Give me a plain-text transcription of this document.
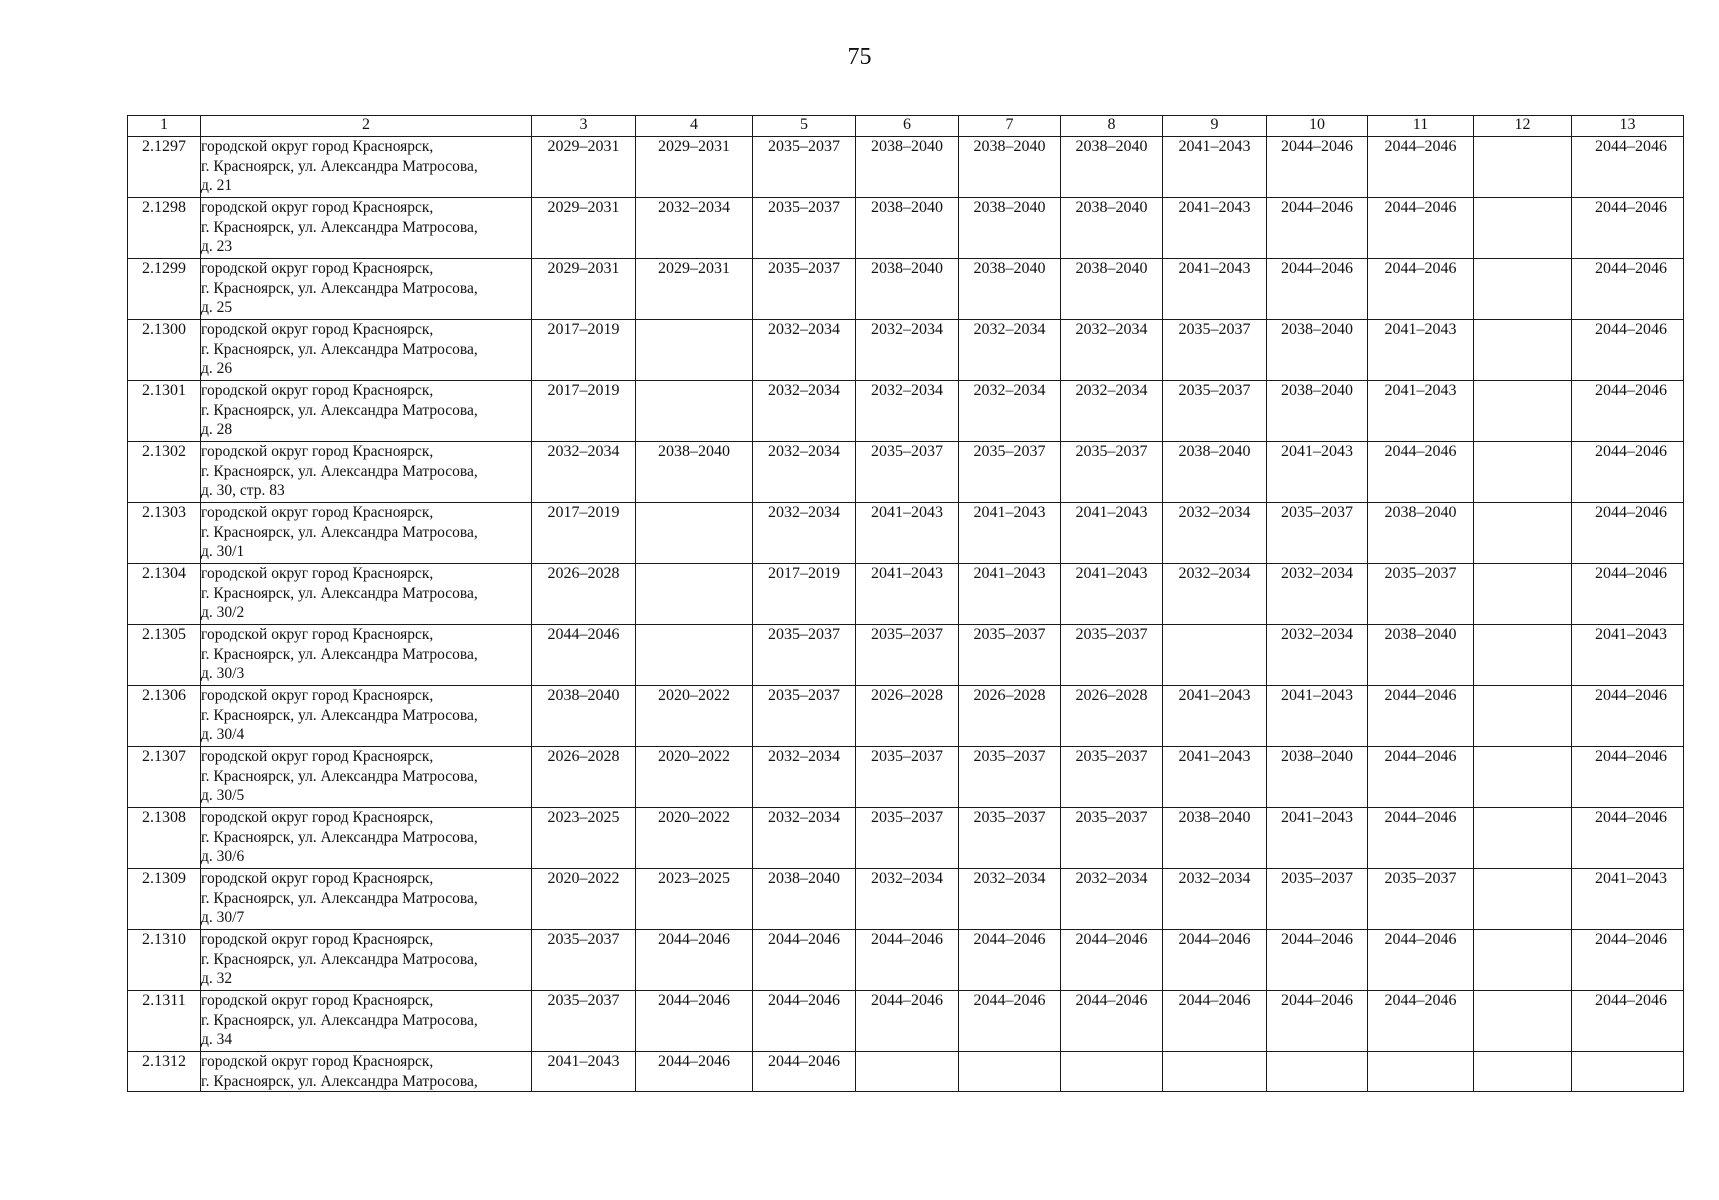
75
1	2	3	4	5	6	7	8	9	10	11	12	13
2.1297	городской округ город Красноярск,
г. Красноярск, ул. Александра Матросова,
д. 21	2029–2031	2029–2031	2035–2037	2038–2040	2038–2040	2038–2040	2041–2043	2044–2046	2044–2046		2044–2046
2.1298	городской округ город Красноярск,
г. Красноярск, ул. Александра Матросова,
д. 23	2029–2031	2032–2034	2035–2037	2038–2040	2038–2040	2038–2040	2041–2043	2044–2046	2044–2046		2044–2046
2.1299	городской округ город Красноярск,
г. Красноярск, ул. Александра Матросова,
д. 25	2029–2031	2029–2031	2035–2037	2038–2040	2038–2040	2038–2040	2041–2043	2044–2046	2044–2046		2044–2046
2.1300	городской округ город Красноярск,
г. Красноярск, ул. Александра Матросова,
д. 26	2017–2019		2032–2034	2032–2034	2032–2034	2032–2034	2035–2037	2038–2040	2041–2043		2044–2046
2.1301	городской округ город Красноярск,
г. Красноярск, ул. Александра Матросова,
д. 28	2017–2019		2032–2034	2032–2034	2032–2034	2032–2034	2035–2037	2038–2040	2041–2043		2044–2046
2.1302	городской округ город Красноярск,
г. Красноярск, ул. Александра Матросова,
д. 30, стр. 83	2032–2034	2038–2040	2032–2034	2035–2037	2035–2037	2035–2037	2038–2040	2041–2043	2044–2046		2044–2046
2.1303	городской округ город Красноярск,
г. Красноярск, ул. Александра Матросова,
д. 30/1	2017–2019		2032–2034	2041–2043	2041–2043	2041–2043	2032–2034	2035–2037	2038–2040		2044–2046
2.1304	городской округ город Красноярск,
г. Красноярск, ул. Александра Матросова,
д. 30/2	2026–2028		2017–2019	2041–2043	2041–2043	2041–2043	2032–2034	2032–2034	2035–2037		2044–2046
2.1305	городской округ город Красноярск,
г. Красноярск, ул. Александра Матросова,
д. 30/3	2044–2046		2035–2037	2035–2037	2035–2037	2035–2037		2032–2034	2038–2040		2041–2043
2.1306	городской округ город Красноярск,
г. Красноярск, ул. Александра Матросова,
д. 30/4	2038–2040	2020–2022	2035–2037	2026–2028	2026–2028	2026–2028	2041–2043	2041–2043	2044–2046		2044–2046
2.1307	городской округ город Красноярск,
г. Красноярск, ул. Александра Матросова,
д. 30/5	2026–2028	2020–2022	2032–2034	2035–2037	2035–2037	2035–2037	2041–2043	2038–2040	2044–2046		2044–2046
2.1308	городской округ город Красноярск,
г. Красноярск, ул. Александра Матросова,
д. 30/6	2023–2025	2020–2022	2032–2034	2035–2037	2035–2037	2035–2037	2038–2040	2041–2043	2044–2046		2044–2046
2.1309	городской округ город Красноярск,
г. Красноярск, ул. Александра Матросова,
д. 30/7	2020–2022	2023–2025	2038–2040	2032–2034	2032–2034	2032–2034	2032–2034	2035–2037	2035–2037		2041–2043
2.1310	городской округ город Красноярск,
г. Красноярск, ул. Александра Матросова,
д. 32	2035–2037	2044–2046	2044–2046	2044–2046	2044–2046	2044–2046	2044–2046	2044–2046	2044–2046		2044–2046
2.1311	городской округ город Красноярск,
г. Красноярск, ул. Александра Матросова,
д. 34	2035–2037	2044–2046	2044–2046	2044–2046	2044–2046	2044–2046	2044–2046	2044–2046	2044–2046		2044–2046
2.1312	городской округ город Красноярск,
г. Красноярск, ул. Александра Матросова,	2041–2043	2044–2046	2044–2046								
